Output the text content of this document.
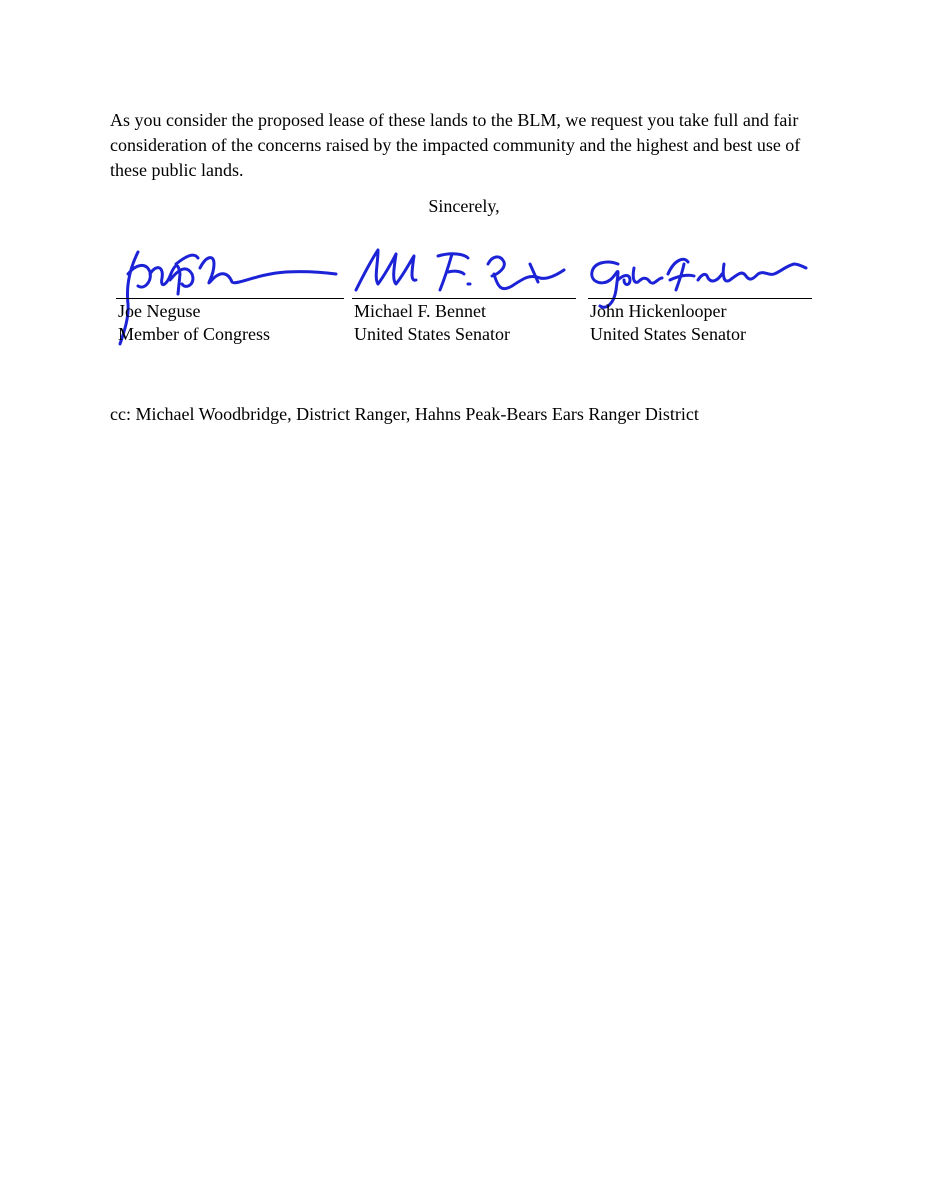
As you consider the proposed lease of these lands to the BLM, we request you take full and fair consideration of the concerns raised by the impacted community and the highest and best use of these public lands.

Sincerely,

Joe Neguse
Member of Congress
Michael F. Bennet
United States Senator
John Hickenlooper
United States Senator

cc: Michael Woodbridge, District Ranger, Hahns Peak-Bears Ears Ranger District
